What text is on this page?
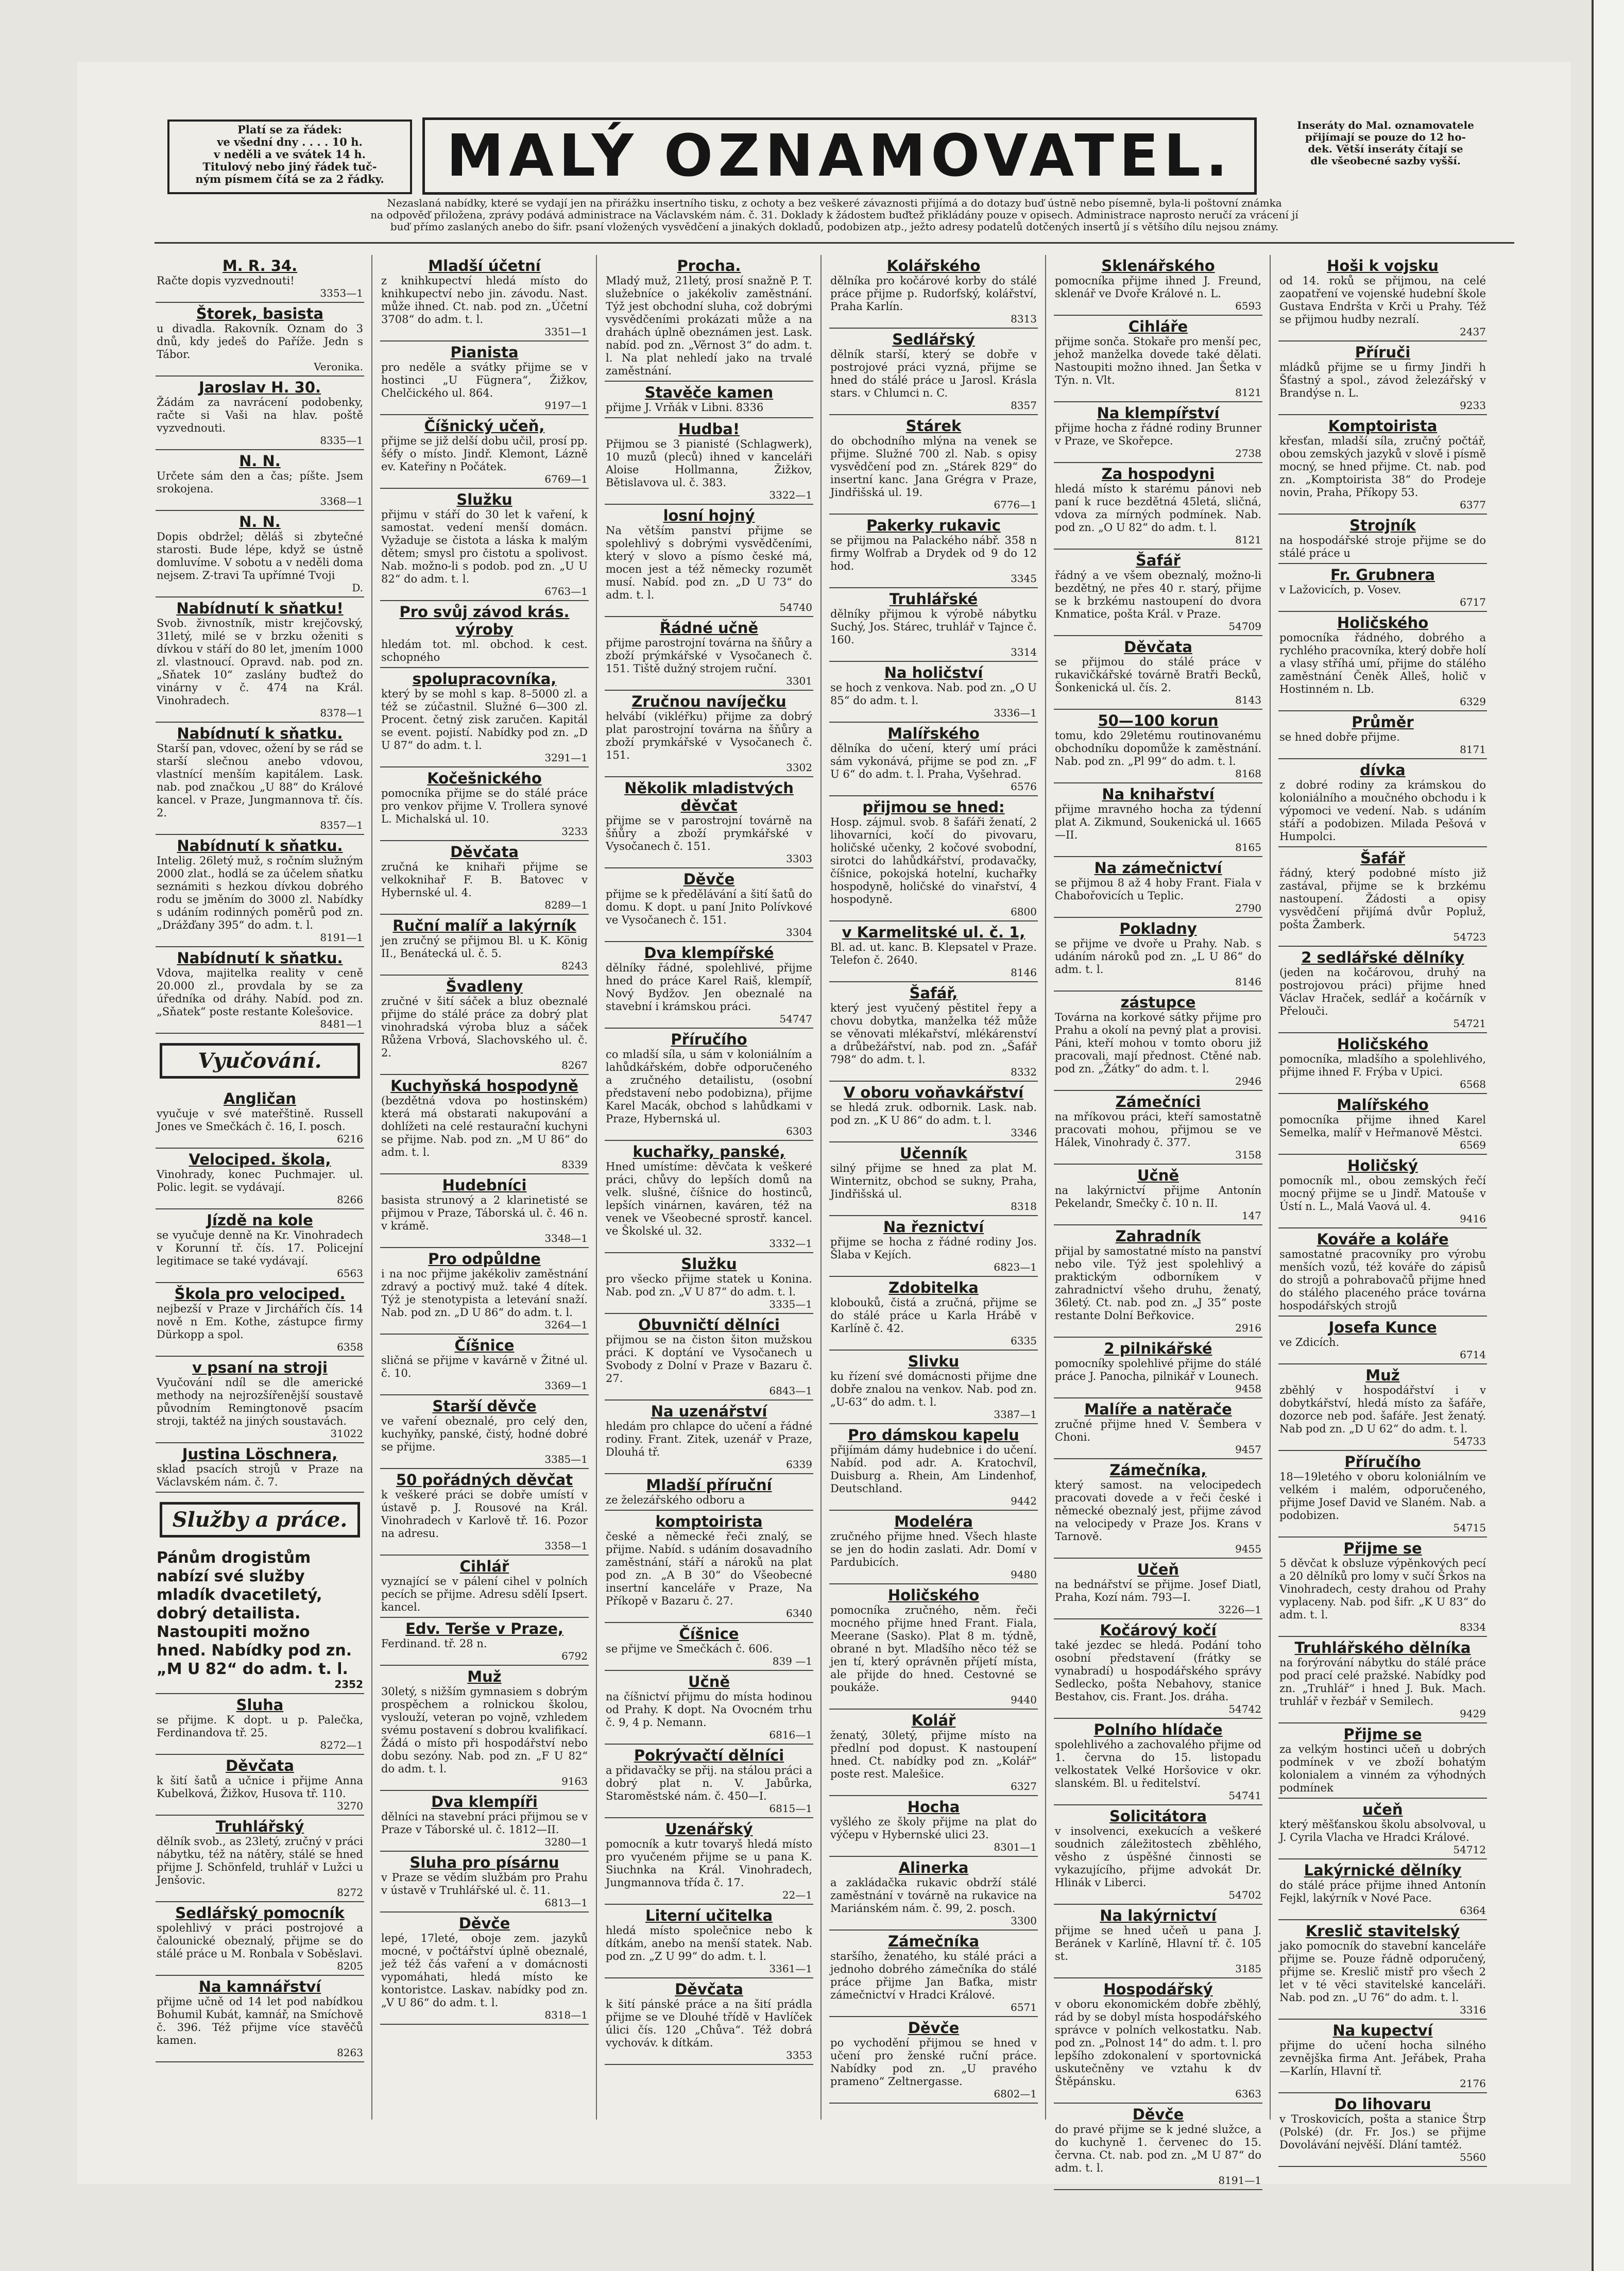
Platí se za řádek:
ve všední dny . . . . 10 h.
v neděli a ve svátek 14 h.
Titulový nebo jiný řádek tuč-
ným písmem čítá se za 2 řádky.	MALÝ OZNAMOVATEL.	Inseráty do Mal. oznamovatele
přijímají se pouze do 12 ho-
dek. Větší inseráty čítají se
dle všeobecné sazby vyšší.
Nezaslaná nabídky, které se vydají jen na přirážku insertního tisku, z ochoty a bez veškeré závaznosti přijímá a do dotazy buď ústně nebo písemně, byla-li poštovní známka
na odpověď přiložena, zprávy podává administrace na Václavském nám. č. 31. Doklady k žádostem buďtež přikládány pouze v opisech. Administrace naprosto neručí za vrácení jí
buď přímo zaslaných anebo do šifr. psaní vložených vysvědčení a jinakých dokladů, podobizen atp., ježto adresy podatelů dotčených insertů jí s většího dílu nejsou známy.
M. R. 34.

Račte dopis vyzvednouti!

3353—1

Štorek, basista

u divadla. Rakovník. Oznam do 3 dnů, kdy jedeš do Paříže. Jedn s Tábor.

Veronika.

Jaroslav H. 30.

Žádám za navrácení podobenky, račte si Vaši na hlav. poště vyzvednouti.

8335—1

N. N.

Určete sám den a čas; píšte. Jsem srokojena.

3368—1

N. N.

Dopis obdržel; děláš si zbytečné starosti. Bude lépe, když se ústně domluvíme. V sobotu a v neděli doma nejsem. Z-travi Ta upřímné Tvoji

D.

Nabídnutí k sňatku!

Svob. živnostník, mistr krejčovský, 31letý, milé se v brzku oženiti s dívkou v stáří do 80 let, jmením 1000 zl. vlastnoucí. Opravd. nab. pod zn. „Sňatek 10“ zaslány buďtež do vinárny v č. 474 na Král. Vinohradech.

8378—1

Nabídnutí k sňatku.

Starší pan, vdovec, ožení by se rád se starší slečnou anebo vdovou, vlastnící menším kapitálem. Lask. nab. pod značkou „U 88“ do Králové kancel. v Praze, Jungmannova tř. čís. 2.

8357—1

Nabídnutí k sňatku.

Intelig. 26letý muž, s ročním služným 2000 zlat., hodlá se za účelem sňatku seznámiti s hezkou dívkou dobrého rodu se jměním do 3000 zl. Nabídky s udáním rodinných poměrů pod zn. „Drážďany 395“ do adm. t. l.

8191—1

Nabídnutí k sňatku.

Vdova, majitelka reality v ceně 20.000 zl., provdala by se za úředníka od dráhy. Nabíd. pod zn. „Sňatek“ poste restante Kolešovice.

8481—1

Vyučování.
Angličan

vyučuje v své mateřštině. Russell Jones ve Smečkách č. 16, I. posch.

6216

Velociped. škola,

Vinohrady, konec Puchmajer. ul. Polic. legit. se vydávají.

8266

Jízdě na kole

se vyučuje denně na Kr. Vinohradech v Korunní tř. čís. 17. Policejní legitimace se také vydávají.

6563

Škola pro velociped.

nejbezší v Praze v Jirchářích čís. 14 nově n Em. Kothe, zástupce firmy Dürkopp a spol.

6358

v psaní na stroji

Vyučování ndíl se dle americké methody na nejrozšířenější soustavě původním Remingtonově psacím stroji, taktéž na jiných soustavách.

31022

Justina Löschnera,

sklad psacích strojů v Praze na Václavském nám. č. 7.

Služby a práce.

Pánům drogistům nabízí své služby mladík dvacetiletý, dobrý detailista. Nastoupiti možno hned. Nabídky pod zn. „M U 82“ do adm. t. l.

2352

Sluha

se přijme. K dopt. u p. Palečka, Ferdinandova tř. 25.

8272—1

Děvčata

k šití šatů a učnice i přijme Anna Kubelková, Žižkov, Husova tř. 110.

3270

Truhlářský

dělník svob., as 23letý, zručný v práci nábytku, též na nátěry, stálé se hned přijme J. Schönfeld, truhlář v Lužci u Jenšovic.

8272

Sedlářský pomocník

spolehlivý v práci postrojové a čalounické obeznalý, přijme se do stálé práce u M. Ronbala v Soběslavi.

8205

Na kamnářství

přijme učně od 14 let pod nabídkou Bohumil Kubát, kamnář, na Smíchově č. 396. Též přijme více stavěčů kamen.

8263

Mladší účetní

z knihkupectví hledá místo do knihkupectví nebo jin. závodu. Nast. může ihned. Ct. nab. pod zn. „Účetní 3708“ do adm. t. l.

3351—1

Pianista

pro neděle a svátky přijme se v hostinci „U Fügnera“, Žižkov, Chelčického ul. 864.

9197—1

Číšnický učeň,

přijme se již delší dobu učil, prosí pp. šéfy o místo. Jindř. Klemont, Lázně ev. Kateřiny n Počátek.

6769—1

Služku

přijmu v stáří do 30 let k vaření, k samostat. vedení menší domácn. Vyžaduje se čistota a láska k malým dětem; smysl pro čistotu a spolivost. Nab. možno-li s podob. pod zn. „U U 82“ do adm. t. l.

6763—1

Pro svůj závod krás. výroby

hledám tot. ml. obchod. k cest. schopného

spolupracovníka,

který by se mohl s kap. 8–5000 zl. a též se zúčastnil. Služné 6—300 zl. Procent. četný zisk zaručen. Kapitál se event. pojistí. Nabídky pod zn. „D U 87“ do adm. t. l.

3291—1

Kočešnického

pomocníka přijme se do stálé práce pro venkov přijme V. Trollera synové L. Michalská ul. 10.

3233

Děvčata

zručná ke knihaři přijme se velkoknihař F. B. Batovec v Hybernské ul. 4.

8289—1

Ruční malíř a lakýrník

jen zručný se přijmou Bl. u K. König II., Benátecká ul. č. 5.

8243

Švadleny

zručné v šití sáček a bluz obeznalé přijme do stálé práce za dobrý plat vinohradská výroba bluz a sáček Růžena Vrbová, Slachovského ul. č. 2.

8267

Kuchyňská hospodyně

(bezdětná vdova po hostinském) která má obstarati nakupování a dohlížeti na celé restaurační kuchyni se přijme. Nab. pod zn. „M U 86“ do adm. t. l.

8339

Hudebníci

basista strunový a 2 klarinetisté se přijmou v Praze, Táborská ul. č. 46 n. v krámě.

3348—1

Pro odpůldne

i na noc přijme jakékoliv zaměstnání zdravý a poctivý muž. také 4 dítek. Týž je stenotypista a letevání snaží. Nab. pod zn. „D U 86“ do adm. t. l.

3264—1

Číšnice

sličná se přijme v kavárně v Žitné ul. č. 10.

3369—1

Starší děvče

ve vaření obeznalé, pro celý den, kuchyňky, panské, čistý, hodné dobré se přijme.

3385—1

50 pořádných děvčat

k veškeré práci se dobře umístí v ústavě p. J. Rousové na Král. Vinohradech v Karlově tř. 16. Pozor na adresu.

3358—1

Cihlář

vyznající se v pálení cihel v polních pecích se přijme. Adresu sdělí Ipsert. kancel.

Edv. Terše v Praze,

Ferdinand. tř. 28 n.

6792

Muž

30letý, s nižším gymnasiem s dobrým prospěchem a rolnickou školou, vyslouží, veteran po vojně, vzhledem svému postavení s dobrou kvalifikací. Žádá o místo při hospodářství nebo dobu sezóny. Nab. pod zn. „F U 82“ do adm. t. l.

9163

Dva klempíři

dělníci na stavební práci přijmou se v Praze v Táborské ul. č. 1812—II.

3280—1

Sluha pro písárnu

v Praze se vědím službám pro Prahu v ústavě v Truhlářské ul. č. 11.

6813—1

Děvče

lepé, 17leté, oboje zem. jazyků mocné, v počtářství úplně obeznalé, jež též čás vaření a v domácnosti vypomáhati, hledá místo ke kontoristce. Laskav. nabídky pod zn. „V U 86“ do adm. t. l.

8318—1

Procha.

Mladý muž, 21letý, prosí snažně P. T. služebníce o jakékoliv zaměstnání. Týž jest obchodní sluha, což dobrými vysvědčeními prokázati může a na drahách úplně obeznámen jest. Lask. nabíd. pod zn. „Věrnost 3“ do adm. t. l. Na plat nehledí jako na trvalé zaměstnání.

Stavěče kamen

přijme J. Vrňák v Libni. 8336

Hudba!

Přijmou se 3 pianisté (Schlagwerk), 10 muzů (pleců) ihned v kanceláři Aloise Hollmanna, Žižkov, Bětislavova ul. č. 383.

3322—1

losní hojný

Na větším panství přijme se spolehlivý s dobrými vysvědčeními, který v slovo a písmo české má, mocen jest a též německy rozumět musí. Nabíd. pod zn. „D U 73“ do adm. t. l.

54740

Řádné učně

přijme parostrojní továrna na šňůry a zboží prýmkářské v Vysočanech č. 151. Tiště dužný strojem ruční.

3301

Zručnou navíječku

helvábí (vikléřku) přijme za dobrý plat parostrojní továrna na šňůry a zboží prymkářské v Vysočanech č. 151.

3302

Několik mladistvých děvčat

přijme se v parostrojní továrně na šňůry a zboží prymkářské v Vysočanech č. 151.

3303

Děvče

přijme se k předělávání a šití šatů do domu. K dopt. u paní Jnito Polívkové ve Vysočanech č. 151.

3304

Dva klempířské

dělníky řádné, spolehlivé, přijme hned do práce Karel Raiš, klempíř, Nový Bydžov. Jen obeznalé na stavební i krámskou práci.

54747

Příručího

co mladší síla, u sám v koloniálním a lahůdkářském, dobře odporučeného a zručného detailistu, (osobní představení nebo podobizna), přijme Karel Macák, obchod s lahůdkami v Praze, Hybernská ul.

6303

kuchařky, panské,

Hned umístíme: děvčata k veškeré práci, chůvy do lepších domů na velk. slušné, číšnice do hostinců, lepších vinárnen, kaváren, též na venek ve Všeobecné sprostř. kancel. ve Školské ul. 32.

3332—1

Služku

pro všecko přijme statek u Konina. Nab. pod zn. „V U 87“ do adm. t. l.

3335—1

Obuvničtí dělníci

přijmou se na čiston šiton mužskou práci. K doptání ve Vysočanech u Svobody z Dolní v Praze v Bazaru č. 27.

6843—1

Na uzenářství

hledám pro chlapce do učení a řádné rodiny. Frant. Zitek, uzenář v Praze, Dlouhá tř.

6339

Mladší příruční

ze železářského odboru a

komptoiristа

české a německé řeči znalý, se přijme. Nabíd. s udáním dosavadního zaměstnání, stáří a nároků na plat pod zn. „A B 30“ do Všeobecné insertní kanceláře v Praze, Na Příkopě v Bazaru č. 27.

6340

Číšnice

se přijme ve Smečkách č. 606.

839 —1

Učně

na číšnictví přijmu do místa hodinou od Prahy. K dopt. Na Ovocném trhu č. 9, 4 p. Nemann.

6816—1

Pokrývačtí dělníci

a přidavačky se přij. na stálou práci a dobrý plat n. V. Jabůrka, Staroměstské nám. č. 450—I.

6815—1

Uzenářský

pomocník a kutr tovaryš hledá místo pro vyučeném přijme se u pana K. Siuchnka na Král. Vinohradech, Jungmannova třída č. 17.

22—1

Literní učitelka

hledá místo společnice nebo k dítkám, anebo na menší statek. Nab. pod zn. „Z U 99“ do adm. t. l.

3361—1

Děvčata

k šití pánské práce a na šití prádla přijme se ve Dlouhé třídě v Havlíček úlici čís. 120 „Chůva“. Též dobrá vychováv. k dítkám.

3353

Kolářského

dělníka pro kočárové korby do stálé práce přijme p. Rudorfský, kolářství, Praha Karlín.

8313

Sedlářský

dělník starší, který se dobře v postrojové práci vyzná, přijme se hned do stálé práce u Jarosl. Krásla stars. v Chlumci n. C.

8357

Stárek

do obchodního mlýna na venek se přijme. Služné 700 zl. Nab. s opisy vysvědčení pod zn. „Stárek 829“ do insertní kanc. Jana Grégra v Praze, Jindřišská ul. 19.

6776—1

Pakerky rukavic

se přijmou na Palackého nábř. 358 n firmy Wolfrab a Drydek od 9 do 12 hod.

3345

Truhlářské

dělníky přijmou k výrobě nábytku Suchý, Jos. Stárec, truhlář v Tajnce č. 160.

3314

Na holičství

se hoch z venkova. Nab. pod zn. „O U 85“ do adm. t. l.

3336—1

Malířského

dělníka do učení, který umí práci sám vykonává, přijme se pod zn. „F U 6“ do adm. t. l. Praha, Vyšehrad.

6576

přijmou se hned:

Hosp. zájmul. svob. 8 šafáři ženatí, 2 lihovarníci, kočí do pivovaru, holičské učenky, 2 kočové svobodní, sirotci do lahůdkářství, prodavačky, číšnice, pokojská hotelní, kuchařky hospodyně, holičské do vinařství, 4 hospodyně.

6800

v Karmelitské ul. č. 1,

Bl. ad. ut. kanc. B. Klepsatel v Praze. Telefon č. 2640.

8146

Šafář,

který jest vyučený pěstitel řepy a chovu dobytka, manželka též může se věnovati mlékařství, mlékárenství a drůbežářství, nab. pod zn. „Šafář 798“ do adm. t. l.

8332

V oboru voňavkářství

se hledá zruk. odbornik. Lask. nab. pod zn. „K U 86“ do adm. t. l.

3346

Učenník

silný přijme se hned za plat M. Winternitz, obchod se sukny, Praha, Jindřišská ul.

8318

Na řeznictví

přijme se hocha z řádné rodiny Jos. Šlaba v Kejích.

6823—1

Zdobitelka

klobouků, čistá a zručná, přijme se do stálé práce u Karla Hrábě v Karlíně č. 42.

6335

Slivku

ku řízení své domácnosti přijme dne dobře znalou na venkov. Nab. pod zn. „U-63“ do adm. t. l.

3387—1

Pro dámskou kapelu

přijímám dámy hudebnice i do učení. Nabíd. pod adr. A. Kratochvíl, Duisburg a. Rhein, Am Lindenhof, Deutschland.

9442

Modeléra

zručného přijme hned. Všech hlaste se jen do hodin zaslati. Adr. Domí v Pardubicích.

9480

Holičského

pomocníka zručného, něm. řeči mocného přijme hned Frant. Fiala, Meerane (Sasko). Plat 8 m. týdně, obrané n byt. Mladšího něco též se jen tí, který oprávněn příjetí místa, ale přijde do hned. Cestovné se poukáže.

9440

Kolář

ženatý, 30letý, přijme místo na předlní pod dopust. K nastoupení hned. Ct. nabídky pod zn. „Kolář“ poste rest. Malešice.

6327

Hocha

vyšlého ze školy přijme na plat do výčepu v Hybernské ulici 23.

8301—1

Alinerka

a zakládačka rukavic obdrží stálé zaměstnání v továrně na rukavice na Mariánském nám. č. 99, 2. posch.

3300

Zámečníka

staršího, ženatého, ku stálé práci a jednoho dobrého zámečníka do stálé práce přijme Jan Baťka, mistr zámečnictví v Hradci Králové.

6571

Děvče

po vychodění přijmou se hned v učení pro ženské ruční práce. Nabídky pod zn. „U pravého prameno“ Zeltnergasse.

6802—1

Sklenářského

pomocníka přijme ihned J. Freund, sklenář ve Dvoře Králové n. L.

6593

Cihláře

přijme sonča. Stokaře pro menší pec, jehož manželka dovede také dělati. Nastoupiti možno ihned. Jan Šetka v Týn. n. Vlt.

8121

Na klempířství

přijme hocha z řádné rodiny Brunner v Praze, ve Skořepce.

2738

Za hospodyni

hledá místo k starému pánovi neb paní k ruce bezdětná 45letá, sličná, vdova za mírných podmínek. Nab. pod zn. „O U 82“ do adm. t. l.

8121

Šafář

řádný a ve všem obeznalý, možno-li bezdětný, ne přes 40 r. starý, přijme se k brzkému nastoupení do dvora Knmatice, pošta Král. v Praze.

54709

Děvčata

se přijmou do stálé práce v rukavičkářské továrně Bratři Becků, Šonkenická ul. čís. 2.

8143

50—100 korun

tomu, kdo 29letému routinovanému obchodníku dopomůže k zaměstnání. Nab. pod zn. „Pl 99“ do adm. t. l.

8168

Na knihařství

přijme mravného hocha za týdenní plat A. Zikmund, Soukenická ul. 1665—II.

8165

Na zámečnictví

se přijmou 8 až 4 hoby Frant. Fiala v Chabořovicích u Teplic.

2790

Pokladny

se přijme ve dvoře u Prahy. Nab. s udáním nároků pod zn. „L U 86“ do adm. t. l.

8146

zástupce

Továrna na korkové sátky přijme pro Prahu a okolí na pevný plat a provisi. Páni, kteří mohou v tomto oboru již pracovali, mají přednost. Ctěné nab. pod zn. „Žátky“ do adm. t. l.

2946

Zámečníci

na mříkovou práci, kteří samostatně pracovati mohou, přijmou se ve Hálek, Vinohrady č. 377.

3158

Učně

na lakýrnictví přijme Antonín Pekelandr, Smečky č. 10 n. II.

147

Zahradník

přijal by samostatné místo na panství nebo vile. Týž jest spolehlivý a praktickým odborníkem v zahradnictví všeho druhu, ženatý, 36letý. Ct. nab. pod zn. „J 35“ poste restante Dolní Beřkovice.

2916

2 pilnikářské

pomocníky spolehlivé přijme do stálé práce J. Panocha, pilnikář v Lounech.

9458

Malíře a natěrače

zručné přijme hned V. Šembera v Choni.

9457

Zámečníka,

který samost. na velocipedech pracovati dovede a v řeči české i německé obeznalý jest, přijme závod na velocipedy v Praze Jos. Krans v Tarnově.

9455

Učeň

na bednářství se přijme. Josef Diatl, Praha, Kozí nám. 793—I.

3226—1

Kočárový kočí

také jezdec se hledá. Podání toho osobní představení (frátky se vynabradí) u hospodářského správy Sedlecko, pošta Nebahovy, stanice Bestahov, cis. Frant. Jos. dráha.

54742

Polního hlídače

spolehlivého a zachovalého přijme od 1. června do 15. listopadu velkostatek Velké Horšovice v okr. slanském. Bl. u ředitelství.

54741

Solicitátora

v insolvenci, exekucích a veškeré soudnich záležitostech zběhlého, věsho z úspěšné činnosti se vykazujícího, přijme advokát Dr. Hlinák v Liberci.

54702

Na lakýrnictví

přijme se hned učeň u pana J. Beránek v Karlíně, Hlavní tř. č. 105 st.

3185

Hospodářský

v oboru ekonomickém dobře zběhlý, rád by se dobyl místa hospodářského správce v polních velkostatku. Nab. pod zn. „Polnost 14“ do adm. t. l. pro lepšího zdokonalení v sportovnická uskutečněny ve vztahu k dv Štěpánsku.

6363

Děvče

do pravé přijme se k jedné služce, a do kuchyně 1. červenec do 15. června. Ct. nab. pod zn. „M U 87“ do adm. t. l.

8191—1

Hoši k vojsku

od 14. roků se přijmou, na celé zaopatření ve vojenské hudební škole Gustava Endršta v Krči u Prahy. Též se přijmou hudby nezralí.

2437

Příruči

mládků přijme se u firmy Jindři h Šťastný a spol., závod železářský v Brandýse n. L.

9233

Komptoiristа

křesťan, mladší síla, zručný počtář, obou zemských jazyků v slově i písmě mocný, se hned přijme. Ct. nab. pod zn. „Komptoirista 38“ do Prodeje novin, Praha, Příkopy 53.

6377

Strojník

na hospodářské stroje přijme se do stálé práce u

Fr. Grubnera

v Lažovicích, p. Vosev.

6717

Holičského

pomocníka řádného, dobrého a rychlého pracovníka, který dobře holí a vlasy stříhá umí, přijme do stálého zaměstnání Čeněk Alleš, holič v Hostinném n. Lb.

6329

Průměr

se hned dobře přijme.

8171

dívka

z dobré rodiny za krámskou do koloniálního a moučného obchodu i k výpomoci ve vedení. Nab. s udáním stáří a podobizen. Milada Pešová v Humpolci.

Šafář

řádný, který podobné místo již zastával, přijme se k brzkému nastoupení. Žádosti a opisy vysvědčení přijímá dvůr Popluž, pošta Žamberk.

54723

2 sedlářské dělníky

(jeden na kočárovou, druhý na postrojovou práci) přijme hned Václav Hraček, sedlář a kočárník v Přelouči.

54721

Holičského

pomocníka, mladšího a spolehlivého, přijme ihned F. Frýba v Upici.

6568

Malířského

pomocníka přijme ihned Karel Semelka, malíř v Heřmanově Městci.

6569

Holičský

pomocník ml., obou zemských řečí mocný přijme se u Jindř. Matouše v Ústí n. L., Malá Vaová ul. 4.

9416

Kováře a koláře

samostatné pracovníky pro výrobu menších vozů, též kováře do zápisů do strojů a pohrabovačů přijme hned do stálého placeného práce továrna hospodářských strojů

Josefa Kunce

ve Zdicích.

6714

Muž

zběhlý v hospodářství i v dobytkářství, hledá místo za šafáře, dozorce neb pod. šafáře. Jest ženatý. Nab pod zn. „D U 62“ do adm. t. l.

54733

Příručího

18—19letého v oboru koloniálním ve velkém i malém, odporučeného, přijme Josef David ve Slaném. Nab. a podobizen.

54715

Přijme se

5 děvčat k obsluze výpěnkových pecí a 20 dělníků pro lomy v sučí Šrkos na Vinohradech, cesty drahou od Prahy vyplaceny. Nab. pod šifr. „K U 83“ do adm. t. l.

8334

Truhlářského dělníka

na forýrování nábytku do stálé práce pod prací celé pražské. Nabídky pod zn. „Truhlář“ i hned J. Buk. Mach. truhlář v řezbář v Semilech.

9429

Přijme se

za velkým hostinci učeň u dobrých podmínek v ve zboží bohatým kolonialem a vinném za výhodných podmínek

učeň

který měšťanskou školu absolvoval, u J. Cyrila Vlacha ve Hradci Králové.

54712

Lakýrnické dělníky

do stálé práce přijme ihned Antonín Fejkl, lakýrník v Nové Pace.

6364

Kreslič stavitelský

jako pomocník do stavební kanceláře přijme se. Pouze řádně odporučený, přijme se. Kreslič mistř pro všech 2 let v té věci stavitelské kanceláři. Nab. pod zn. „U 76“ do adm. t. l.

3316

Na kupectví

přijme do učení hocha silného zevnějška firma Ant. Jeřábek, Praha—Karlín, Hlavní tř.

2176

Do lihovaru

v Troskovicích, pošta a stanice Štrp (Polské) (dr. Fr. Jos.) se přijme Dovolávání nejvěší. Dlání tamtéž.

5560
